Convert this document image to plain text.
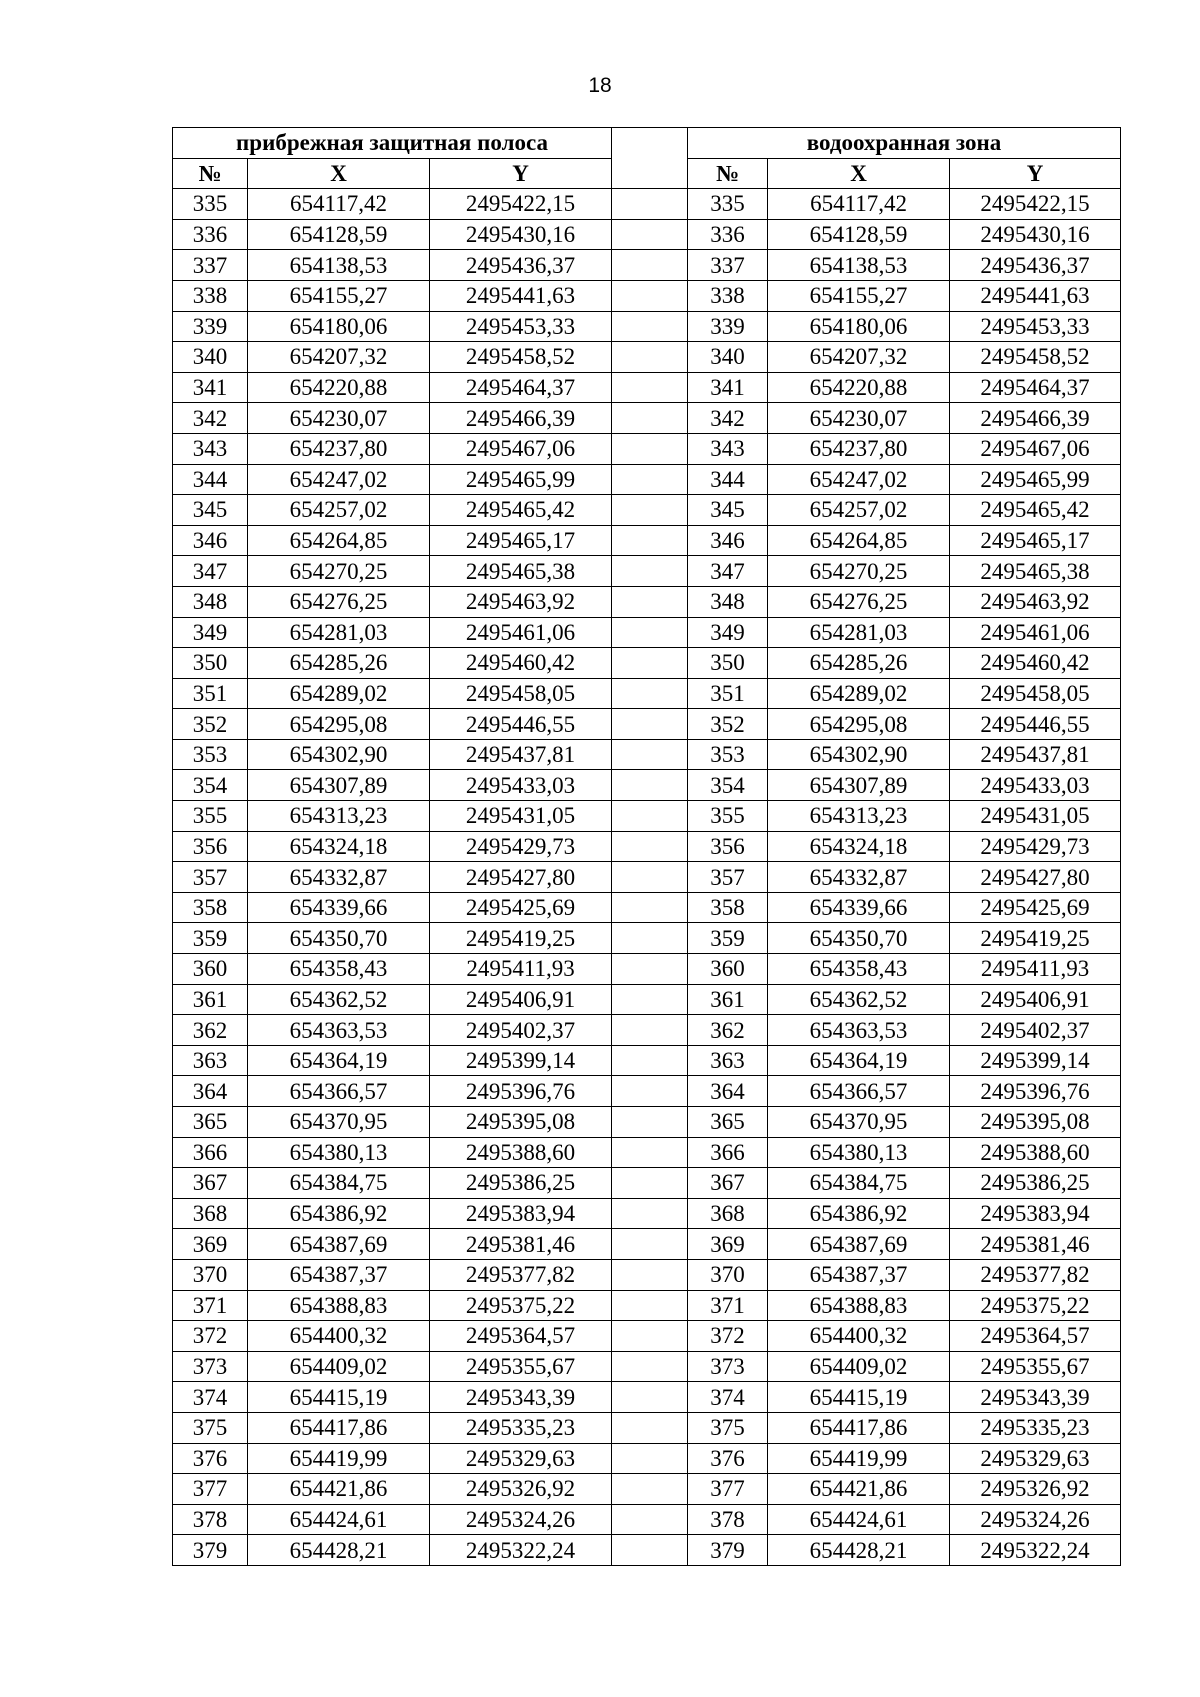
18
прибрежная защитная полоса				водоохранная зона		
№	X	Y		№	X	Y
335	654117,42	2495422,15		335	654117,42	2495422,15
336	654128,59	2495430,16		336	654128,59	2495430,16
337	654138,53	2495436,37		337	654138,53	2495436,37
338	654155,27	2495441,63		338	654155,27	2495441,63
339	654180,06	2495453,33		339	654180,06	2495453,33
340	654207,32	2495458,52		340	654207,32	2495458,52
341	654220,88	2495464,37		341	654220,88	2495464,37
342	654230,07	2495466,39		342	654230,07	2495466,39
343	654237,80	2495467,06		343	654237,80	2495467,06
344	654247,02	2495465,99		344	654247,02	2495465,99
345	654257,02	2495465,42		345	654257,02	2495465,42
346	654264,85	2495465,17		346	654264,85	2495465,17
347	654270,25	2495465,38		347	654270,25	2495465,38
348	654276,25	2495463,92		348	654276,25	2495463,92
349	654281,03	2495461,06		349	654281,03	2495461,06
350	654285,26	2495460,42		350	654285,26	2495460,42
351	654289,02	2495458,05		351	654289,02	2495458,05
352	654295,08	2495446,55		352	654295,08	2495446,55
353	654302,90	2495437,81		353	654302,90	2495437,81
354	654307,89	2495433,03		354	654307,89	2495433,03
355	654313,23	2495431,05		355	654313,23	2495431,05
356	654324,18	2495429,73		356	654324,18	2495429,73
357	654332,87	2495427,80		357	654332,87	2495427,80
358	654339,66	2495425,69		358	654339,66	2495425,69
359	654350,70	2495419,25		359	654350,70	2495419,25
360	654358,43	2495411,93		360	654358,43	2495411,93
361	654362,52	2495406,91		361	654362,52	2495406,91
362	654363,53	2495402,37		362	654363,53	2495402,37
363	654364,19	2495399,14		363	654364,19	2495399,14
364	654366,57	2495396,76		364	654366,57	2495396,76
365	654370,95	2495395,08		365	654370,95	2495395,08
366	654380,13	2495388,60		366	654380,13	2495388,60
367	654384,75	2495386,25		367	654384,75	2495386,25
368	654386,92	2495383,94		368	654386,92	2495383,94
369	654387,69	2495381,46		369	654387,69	2495381,46
370	654387,37	2495377,82		370	654387,37	2495377,82
371	654388,83	2495375,22		371	654388,83	2495375,22
372	654400,32	2495364,57		372	654400,32	2495364,57
373	654409,02	2495355,67		373	654409,02	2495355,67
374	654415,19	2495343,39		374	654415,19	2495343,39
375	654417,86	2495335,23		375	654417,86	2495335,23
376	654419,99	2495329,63		376	654419,99	2495329,63
377	654421,86	2495326,92		377	654421,86	2495326,92
378	654424,61	2495324,26		378	654424,61	2495324,26
379	654428,21	2495322,24		379	654428,21	2495322,24
